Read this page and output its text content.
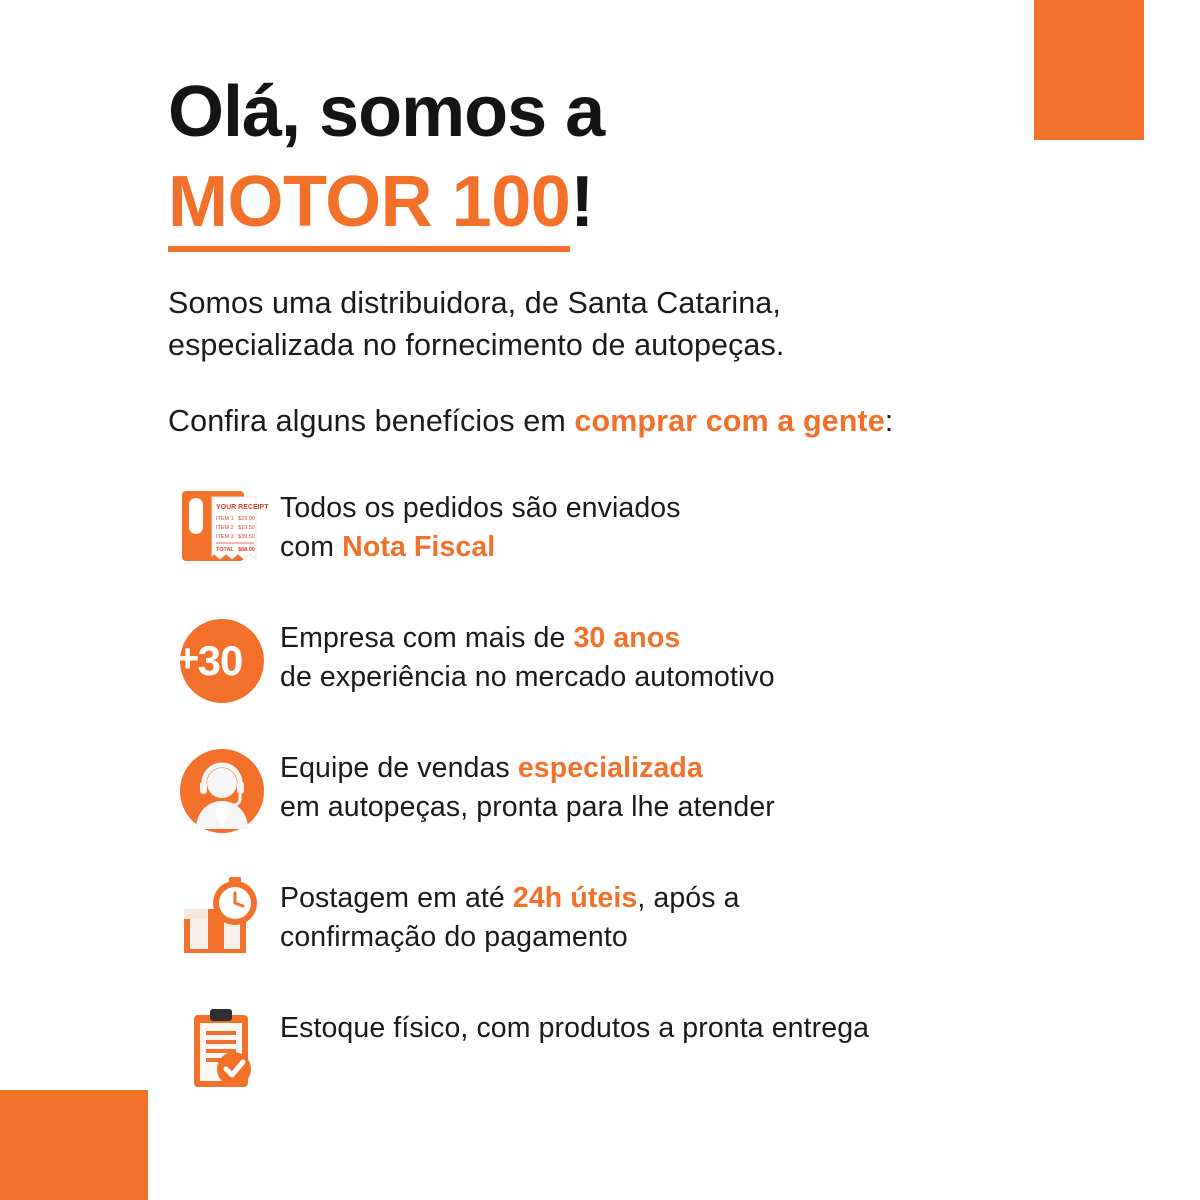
Olá, somos a
MOTOR 100!

Somos uma distribuidora, de Santa Catarina,
especializada no fornecimento de autopeças.

Confira alguns benefícios em comprar com a gente:

YOUR RECEIPT
ITEM 1 $29.00
ITEM 2 $19.50
ITEM 3 $39.50
TOTAL $88.00
Todos os pedidos são enviados
com Nota Fiscal
+
30 Empresa com mais de 30 anos
de experiência no mercado automotivo
Equipe de vendas especializada
em autopeças, pronta para lhe atender
Postagem em até 24h úteis, após a
confirmação do pagamento
Estoque físico, com produtos a pronta entrega
